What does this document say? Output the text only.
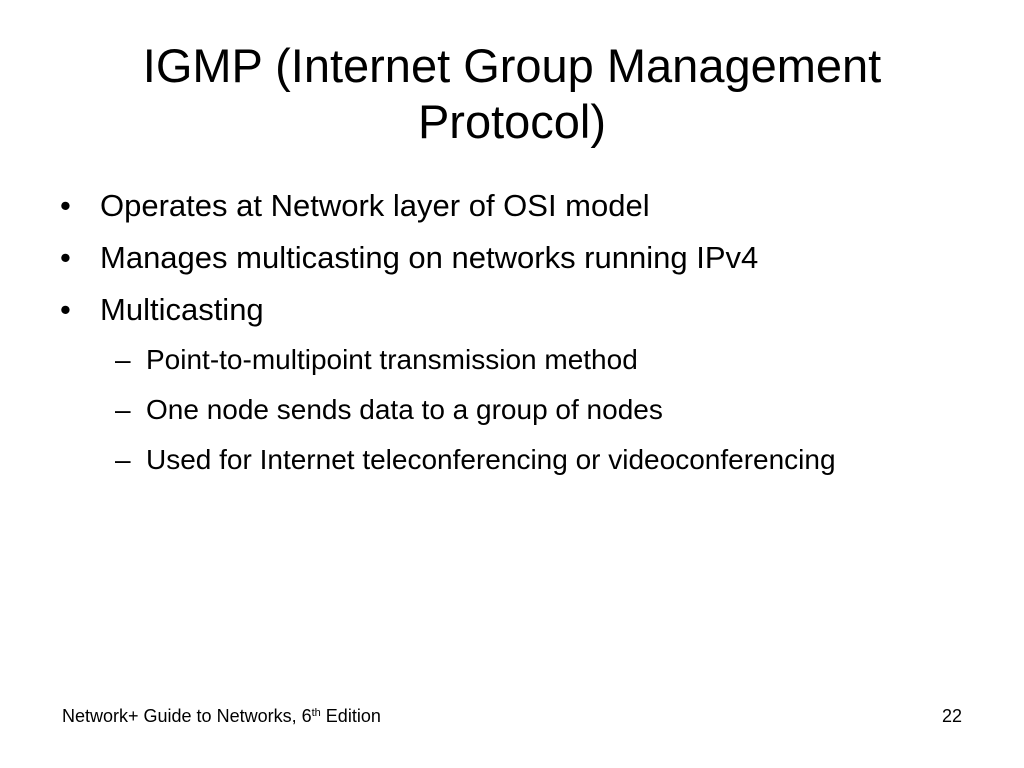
IGMP (Internet Group Management
Protocol)
• Operates at Network layer of OSI model
• Manages multicasting on networks running IPv4
• Multicasting
– Point-to-multipoint transmission method
– One node sends data to a group of nodes
– Used for Internet teleconferencing or videoconferencing
Network+ Guide to Networks, 6th Edition	22
